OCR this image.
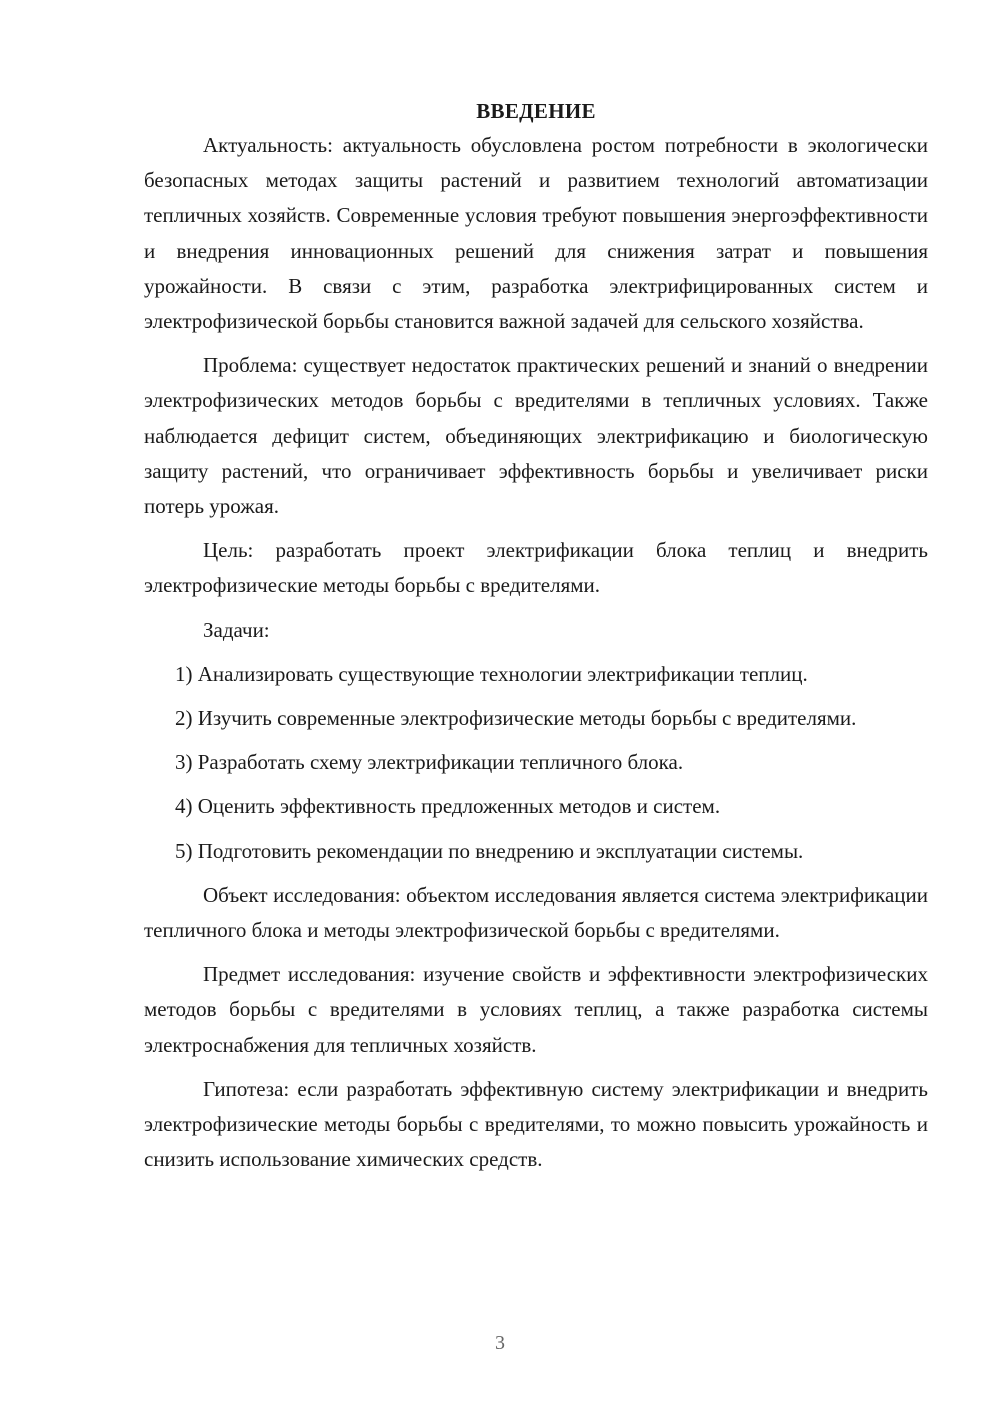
ВВЕДЕНИЕ

Актуальность: актуальность обусловлена ростом потребности в экологически безопасных методах защиты растений и развитием технологий автоматизации тепличных хозяйств. Современные условия требуют повышения энергоэффективности и внедрения инновационных решений для снижения затрат и повышения урожайности. В связи с этим, разработка электрифицированных систем и электрофизической борьбы становится важной задачей для сельского хозяйства.

Проблема: существует недостаток практических решений и знаний о внедрении электрофизических методов борьбы с вредителями в тепличных условиях. Также наблюдается дефицит систем, объединяющих электрификацию и биологическую защиту растений, что ограничивает эффективность борьбы и увеличивает риски потерь урожая.

Цель: разработать проект электрификации блока теплиц и внедрить электрофизические методы борьбы с вредителями.

Задачи:

1) Анализировать существующие технологии электрификации теплиц.

2) Изучить современные электрофизические методы борьбы с вредителями.

3) Разработать схему электрификации тепличного блока.

4) Оценить эффективность предложенных методов и систем.

5) Подготовить рекомендации по внедрению и эксплуатации системы.

Объект исследования: объектом исследования является система электрификации тепличного блока и методы электрофизической борьбы с вредителями.

Предмет исследования: изучение свойств и эффективности электрофизических методов борьбы с вредителями в условиях теплиц, а также разработка системы электроснабжения для тепличных хозяйств.

Гипотеза: если разработать эффективную систему электрификации и внедрить электрофизические методы борьбы с вредителями, то можно повысить урожайность и снизить использование химических средств.

3
